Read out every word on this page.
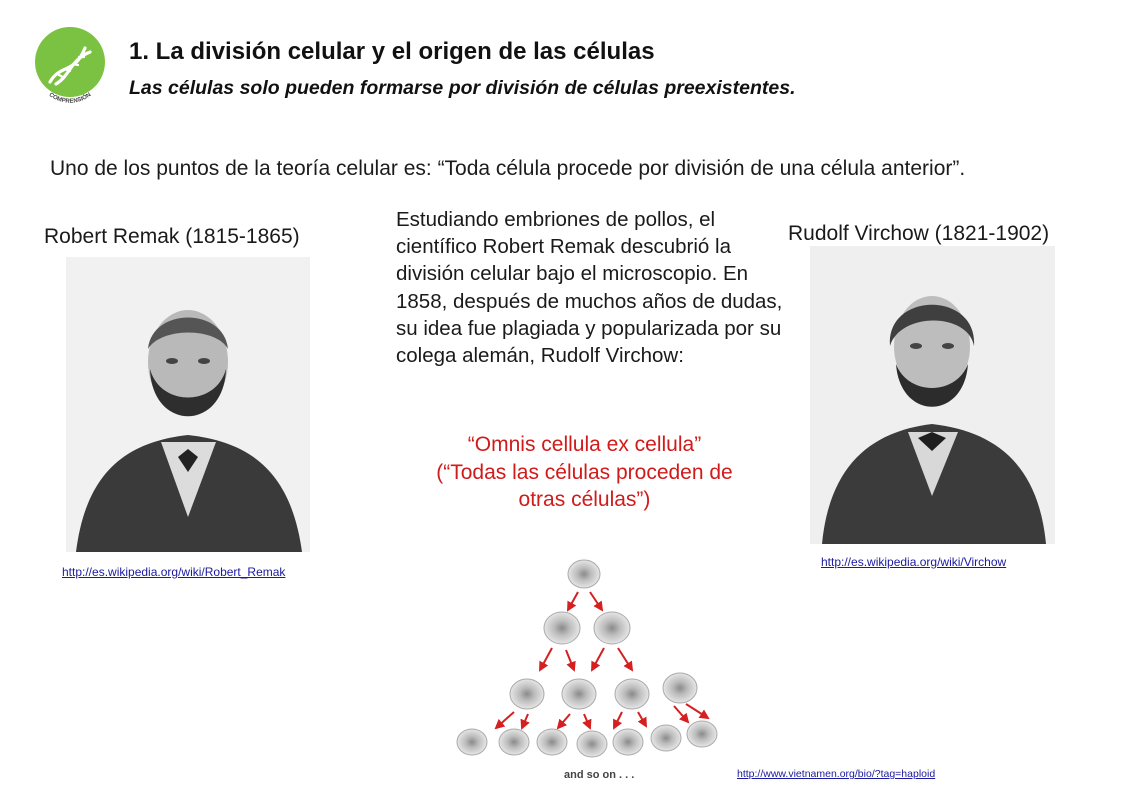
COMPRENSIÓN
1. La división celular y el origen de las células
Las células solo pueden formarse por división de células preexistentes.
Uno de los puntos de la teoría celular es: “Toda célula procede por división de una célula anterior”.
Robert Remak (1815-1865)
http://es.wikipedia.org/wiki/Robert_Remak
Rudolf Virchow (1821-1902)
http://es.wikipedia.org/wiki/Virchow
Estudiando embriones de pollos, el científico Robert Remak descubrió la división celular bajo el microscopio. En 1858, después de muchos años de dudas, su idea fue plagiada y popularizada por su colega alemán, Rudolf Virchow:
“Omnis cellula ex cellula”
(“Todas las células proceden de
otras células”)
and so on . . .	http://www.vietnamen.org/bio/?tag=haploid
